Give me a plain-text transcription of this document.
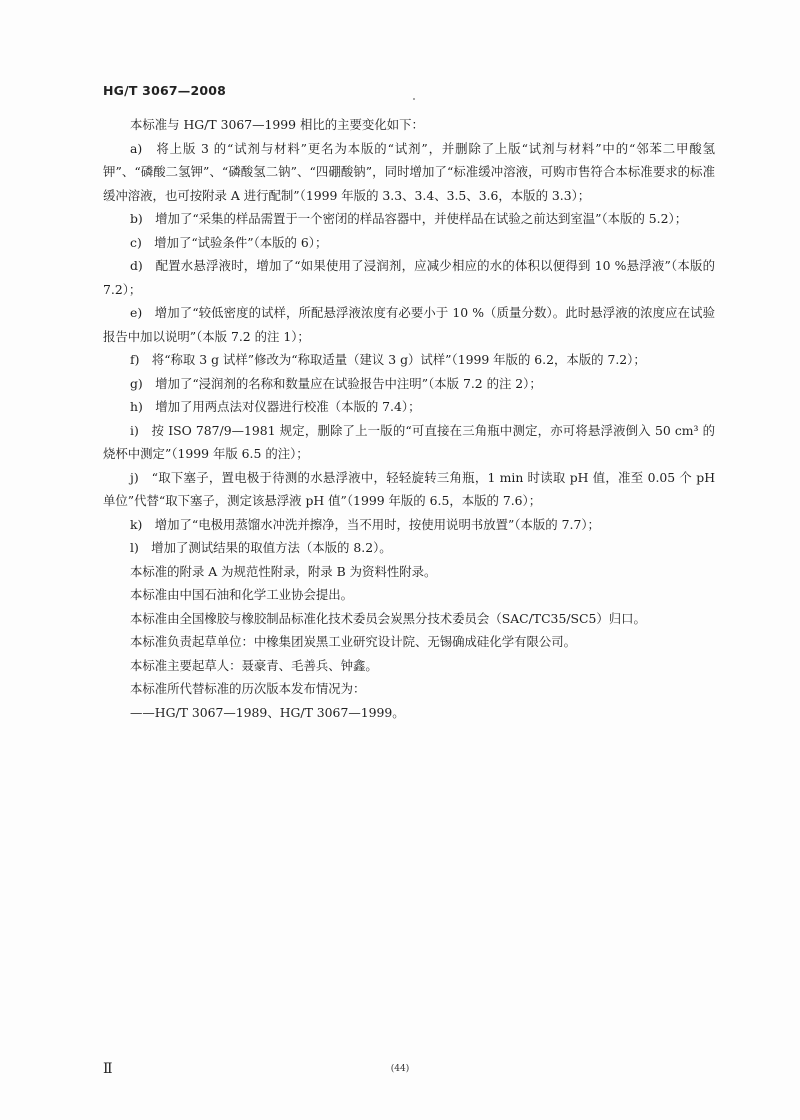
HG/T 3067—2008

本标准与 HG/T 3067—1999 相比的主要变化如下：

a)　将上版 3 的“试剂与材料”更名为本版的“试剂”，并删除了上版“试剂与材料”中的“邻苯二甲酸氢钾”、“磷酸二氢钾”、“磷酸氢二钠”、“四硼酸钠”，同时增加了“标准缓冲溶液，可购市售符合本标准要求的标准缓冲溶液，也可按附录 A 进行配制”（1999 年版的 3.3、3.4、3.5、3.6，本版的 3.3）；

b)　增加了“采集的样品需置于一个密闭的样品容器中，并使样品在试验之前达到室温”（本版的 5.2）；

c)　增加了“试验条件”（本版的 6）；

d)　配置水悬浮液时，增加了“如果使用了浸润剂，应减少相应的水的体积以便得到 10 %悬浮液”（本版的 7.2）；

e)　增加了“较低密度的试样，所配悬浮液浓度有必要小于 10 %（质量分数）。此时悬浮液的浓度应在试验报告中加以说明”（本版 7.2 的注 1）；

f)　将“称取 3 g 试样”修改为“称取适量（建议 3 g）试样”（1999 年版的 6.2，本版的 7.2）；

g)　增加了“浸润剂的名称和数量应在试验报告中注明”（本版 7.2 的注 2）；

h)　增加了用两点法对仪器进行校准（本版的 7.4）；

i)　按 ISO 787/9—1981 规定，删除了上一版的“可直接在三角瓶中测定，亦可将悬浮液倒入 50 cm³ 的烧杯中测定”（1999 年版 6.5 的注）；

j)　“取下塞子，置电极于待测的水悬浮液中，轻轻旋转三角瓶，1 min 时读取 pH 值，准至 0.05 个 pH 单位”代替“取下塞子，测定该悬浮液 pH 值”（1999 年版的 6.5，本版的 7.6）；

k)　增加了“电极用蒸馏水冲洗并擦净，当不用时，按使用说明书放置”（本版的 7.7）；

l)　增加了测试结果的取值方法（本版的 8.2）。

本标准的附录 A 为规范性附录，附录 B 为资料性附录。

本标准由中国石油和化学工业协会提出。

本标准由全国橡胶与橡胶制品标准化技术委员会炭黑分技术委员会（SAC/TC35/SC5）归口。

本标准负责起草单位：中橡集团炭黑工业研究设计院、无锡确成硅化学有限公司。

本标准主要起草人：聂豪青、毛善兵、钟鑫。

本标准所代替标准的历次版本发布情况为：

——HG/T 3067—1989、HG/T 3067—1999。

Ⅱ	(44)
